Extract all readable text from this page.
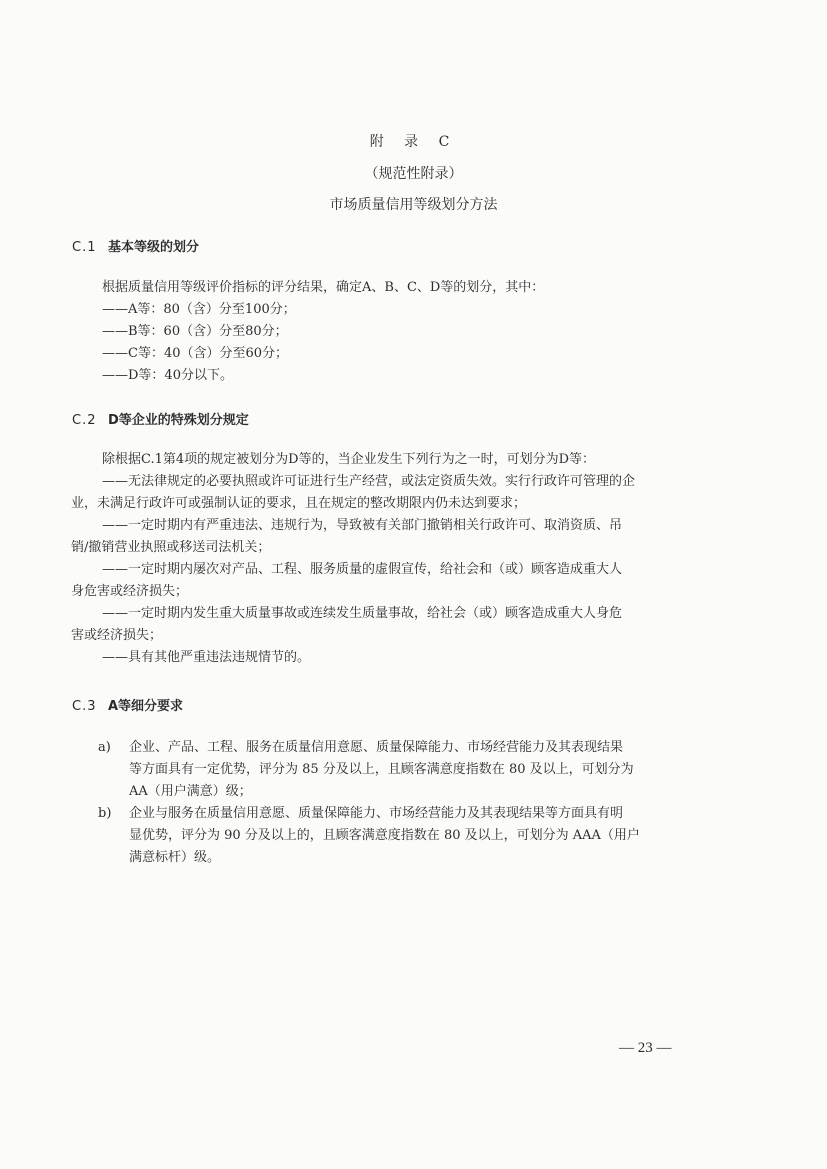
附 录 C
（规范性附录）
市场质量信用等级划分方法
C.1 基本等级的划分
根据质量信用等级评价指标的评分结果，确定A、B、C、D等的划分，其中：
——A等：80（含）分至100分；
——B等：60（含）分至80分；
——C等：40（含）分至60分；
——D等：40分以下。
C.2 D等企业的特殊划分规定
除根据C.1第4项的规定被划分为D等的，当企业发生下列行为之一时，可划分为D等：
——无法律规定的必要执照或许可证进行生产经营，或法定资质失效。实行行政许可管理的企
业，未满足行政许可或强制认证的要求，且在规定的整改期限内仍未达到要求；
——一定时期内有严重违法、违规行为，导致被有关部门撤销相关行政许可、取消资质、吊
销/撤销营业执照或移送司法机关；
——一定时期内屡次对产品、工程、服务质量的虚假宣传，给社会和（或）顾客造成重大人
身危害或经济损失；
——一定时期内发生重大质量事故或连续发生质量事故，给社会（或）顾客造成重大人身危
害或经济损失；
——具有其他严重违法违规情节的。
C.3 A等细分要求
a)	企业、产品、工程、服务在质量信用意愿、质量保障能力、市场经营能力及其表现结果
等方面具有一定优势，评分为 85 分及以上，且顾客满意度指数在 80 及以上，可划分为
AA（用户满意）级；
b)	企业与服务在质量信用意愿、质量保障能力、市场经营能力及其表现结果等方面具有明
显优势，评分为 90 分及以上的，且顾客满意度指数在 80 及以上，可划分为 AAA（用户
满意标杆）级。
— 23 —
